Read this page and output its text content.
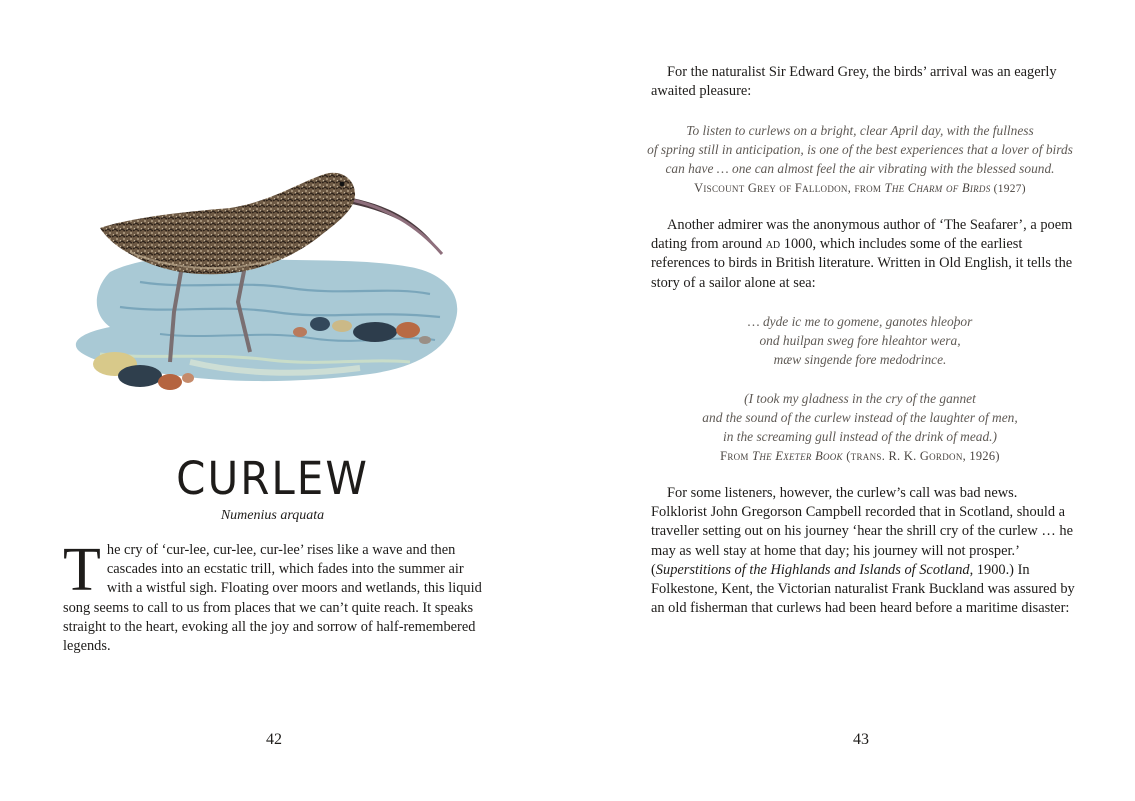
CURLEW
Numenius arquata

The cry of ‘cur-lee, cur-lee, cur-lee’ rises like a wave and then cascades into an ecstatic trill, which fades into the summer air with a wistful sigh. Floating over moors and wetlands, this liquid song seems to call to us from places that we can’t quite reach. It speaks straight to the heart, evoking all the joy and sorrow of half-remembered legends.

42

For the naturalist Sir Edward Grey, the birds’ arrival was an eagerly awaited pleasure:

To listen to curlews on a bright, clear April day, with the fullness
of spring still in anticipation, is one of the best experiences that a lover of birds
can have … one can almost feel the air vibrating with the blessed sound.

Viscount Grey of Fallodon, from The Charm of Birds (1927)

Another admirer was the anonymous author of ‘The Seafarer’, a poem dating from around ad 1000, which includes some of the earliest references to birds in British literature. Written in Old English, it tells the story of a sailor alone at sea:

… dyde ic me to gomene, ganotes hleoþor
ond huilpan sweg fore hleahtor wera,
mæw singende fore medodrince.

(I took my gladness in the cry of the gannet
and the sound of the curlew instead of the laughter of men,
in the screaming gull instead of the drink of mead.)

From The Exeter Book (trans. R. K. Gordon, 1926)

For some listeners, however, the curlew’s call was bad news. Folklorist John Gregorson Campbell recorded that in Scotland, should a traveller setting out on his journey ‘hear the shrill cry of the curlew … he may as well stay at home that day; his journey will not prosper.’ (Superstitions of the Highlands and Islands of Scotland, 1900.) In Folkestone, Kent, the Victorian naturalist Frank Buckland was assured by an old fisherman that curlews had been heard before a maritime disaster:

43
